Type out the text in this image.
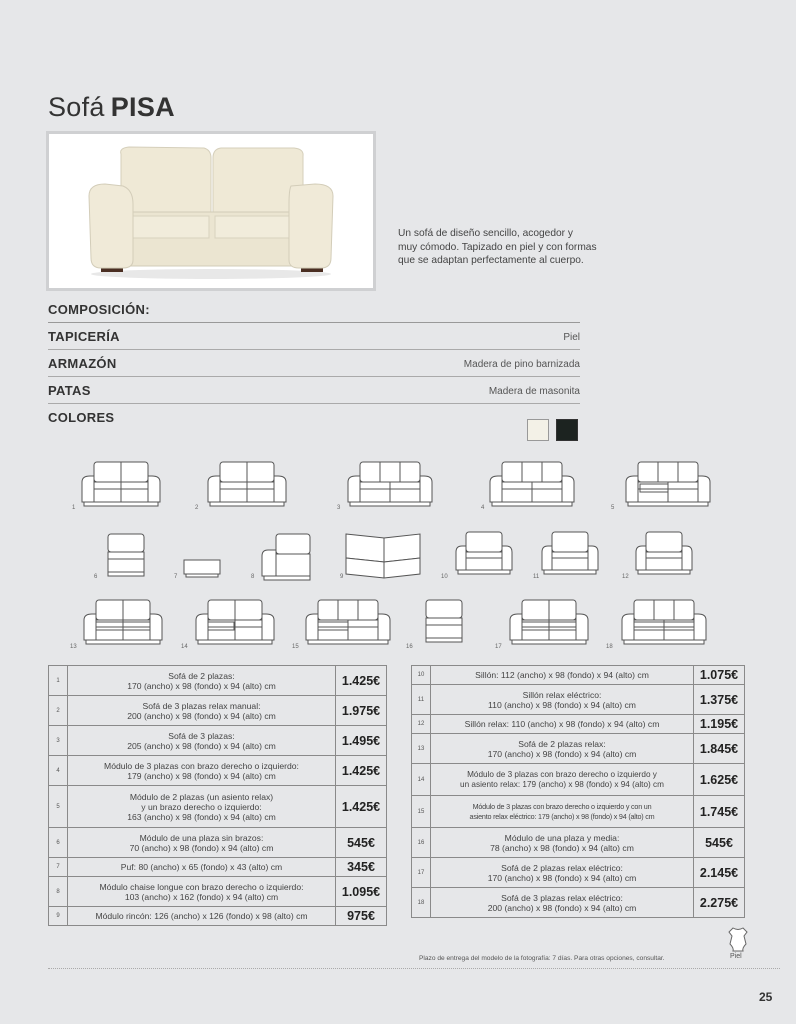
Sofá PISA
Un sofá de diseño sencillo, acogedor y
muy cómodo. Tapizado en piel y con formas
que se adaptan perfectamente al cuerpo.
COMPOSICIÓN:
TAPICERÍA	Piel
ARMAZÓN	Madera de pino barnizada
PATAS	Madera de masonita
COLORES
1	2	3	4	5
6	7	8	9	10	11	12
13	14	15	16	17	18
1	Sofá de 2 plazas:
170 (ancho) x 98 (fondo) x 94 (alto) cm	1.425€
2	Sofá de 3 plazas relax manual:
200 (ancho) x 98 (fondo) x 94 (alto) cm	1.975€
3	Sofá de 3 plazas:
205 (ancho) x 98 (fondo) x 94 (alto) cm	1.495€
4	Módulo de 3 plazas con brazo derecho o izquierdo:
179 (ancho) x 98 (fondo) x 94 (alto) cm	1.425€
5	Módulo de 2 plazas (un asiento relax)
y un brazo derecho o izquierdo:
163 (ancho) x 98 (fondo) x 94 (alto) cm	1.425€
6	Módulo de una plaza sin brazos:
70 (ancho) x 98 (fondo) x 94 (alto) cm	545€
7	Puf: 80 (ancho) x 65 (fondo) x 43 (alto) cm	345€
8	Módulo chaise longue con brazo derecho o izquierdo:
103 (ancho) x 162 (fondo) x 94 (alto) cm	1.095€
9	Módulo rincón: 126 (ancho) x 126 (fondo) x 98 (alto) cm	975€
10	Sillón: 112 (ancho) x 98 (fondo) x 94 (alto) cm	1.075€
11	Sillón relax eléctrico:
110 (ancho) x 98 (fondo) x 94 (alto) cm	1.375€
12	Sillón relax: 110 (ancho) x 98 (fondo) x 94 (alto) cm	1.195€
13	Sofá de 2 plazas relax:
170 (ancho) x 98 (fondo) x 94 (alto) cm	1.845€
14	Módulo de 3 plazas con brazo derecho o izquierdo y
un asiento relax: 179 (ancho) x 98 (fondo) x 94 (alto) cm	1.625€
15	Módulo de 3 plazas con brazo derecho o izquierdo y con un
asiento relax eléctrico: 179 (ancho) x 98 (fondo) x 94 (alto) cm	1.745€
16	Módulo de una plaza y media:
78 (ancho) x 98 (fondo) x 94 (alto) cm	545€
17	Sofá de 2 plazas relax eléctrico:
170 (ancho) x 98 (fondo) x 94 (alto) cm	2.145€
18	Sofá de 3 plazas relax eléctrico:
200 (ancho) x 98 (fondo) x 94 (alto) cm	2.275€
Plazo de entrega del modelo de la fotografía: 7 días. Para otras opciones, consultar.	Piel
25
